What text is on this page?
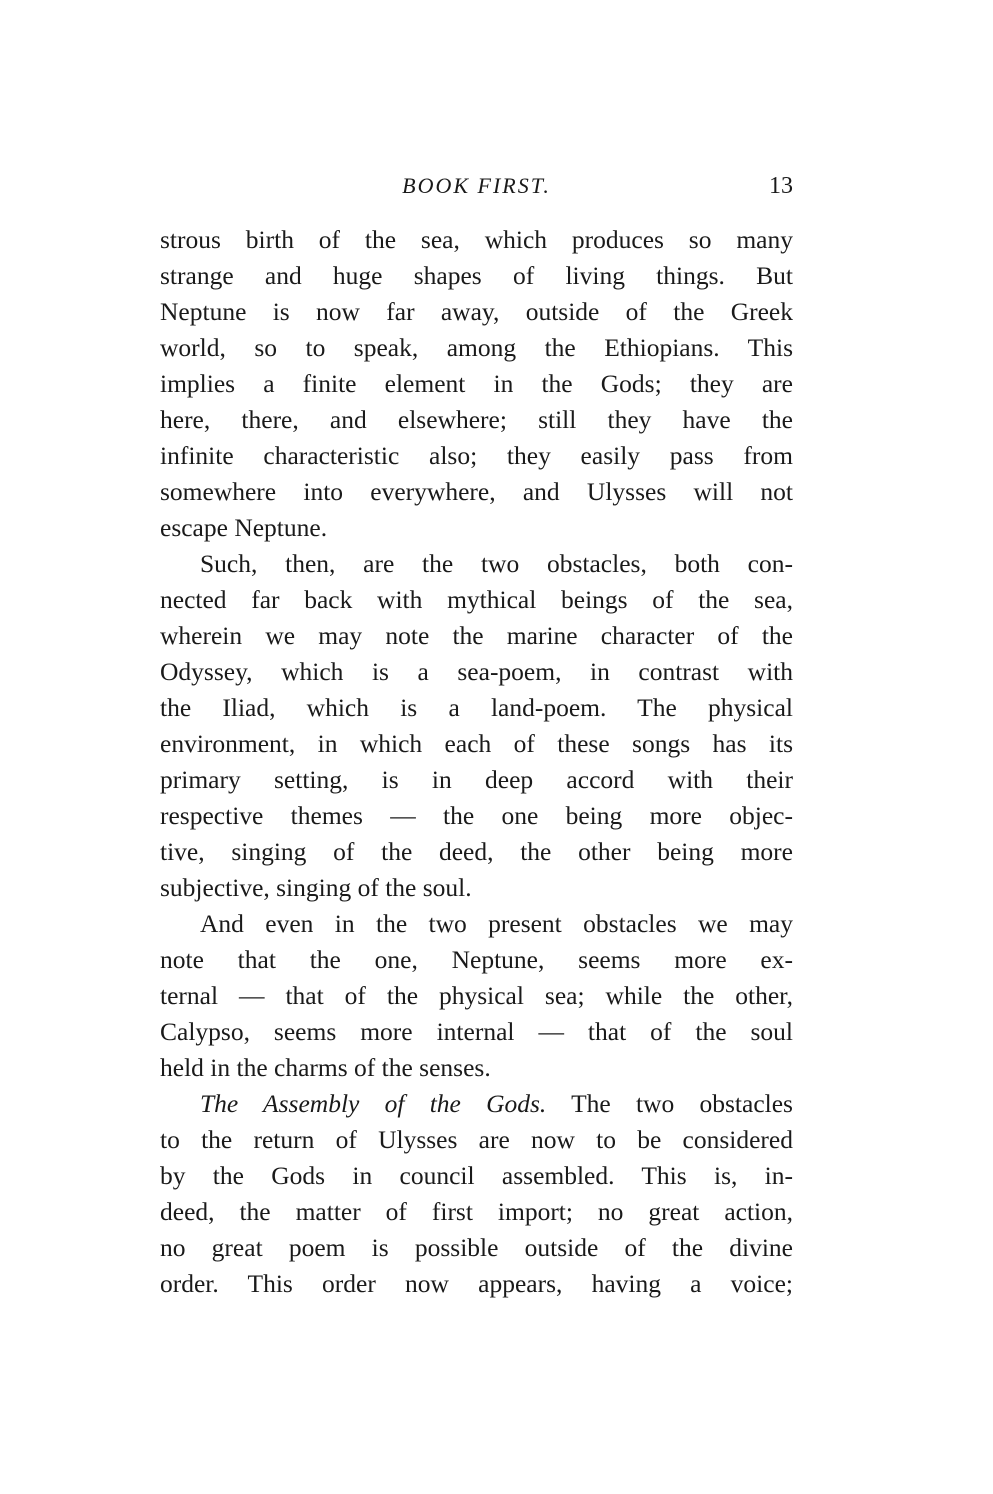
BOOK FIRST.	13
strous birth of the sea, which produces so many
strange and huge shapes of living things. But
Neptune is now far away, outside of the Greek
world, so to speak, among the Ethiopians. This
implies a finite element in the Gods; they are
here, there, and elsewhere; still they have the
infinite characteristic also; they easily pass from
somewhere into everywhere, and Ulysses will not
escape Neptune.
Such, then, are the two obstacles, both con-
nected far back with mythical beings of the sea,
wherein we may note the marine character of the
Odyssey, which is a sea-poem, in contrast with
the Iliad, which is a land-poem. The physical
environment, in which each of these songs has its
primary setting, is in deep accord with their
respective themes — the one being more objec-
tive, singing of the deed, the other being more
subjective, singing of the soul.
And even in the two present obstacles we may
note that the one, Neptune, seems more ex-
ternal — that of the physical sea; while the other,
Calypso, seems more internal — that of the soul
held in the charms of the senses.
The Assembly of the Gods. The two obstacles
to the return of Ulysses are now to be considered
by the Gods in council assembled. This is, in-
deed, the matter of first import; no great action,
no great poem is possible outside of the divine
order. This order now appears, having a voice;
